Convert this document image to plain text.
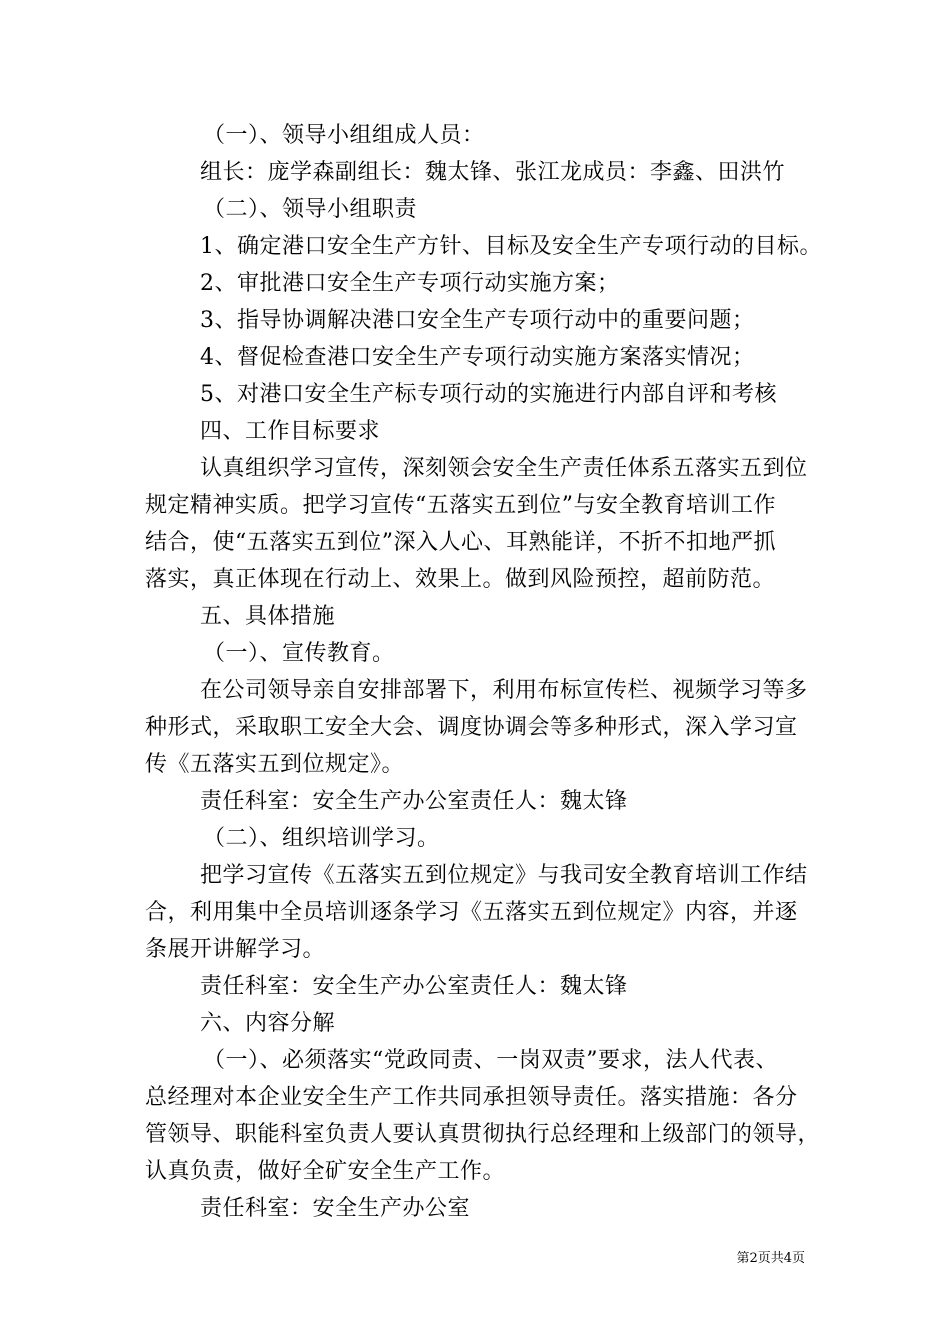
（一）、领导小组组成人员：
组长：庞学森副组长：魏太锋、张江龙成员：李鑫、田洪竹
（二）、领导小组职责
1、确定港口安全生产方针、目标及安全生产专项行动的目标。
2、审批港口安全生产专项行动实施方案；
3、指导协调解决港口安全生产专项行动中的重要问题；
4、督促检查港口安全生产专项行动实施方案落实情况；
5、对港口安全生产标专项行动的实施进行内部自评和考核
四、工作目标要求
认真组织学习宣传，深刻领会安全生产责任体系五落实五到位
规定精神实质。把学习宣传“五落实五到位”与安全教育培训工作
结合，使“五落实五到位”深入人心、耳熟能详，不折不扣地严抓
落实，真正体现在行动上、效果上。做到风险预控，超前防范。
五、具体措施
（一）、宣传教育。
在公司领导亲自安排部署下，利用布标宣传栏、视频学习等多
种形式，采取职工安全大会、调度协调会等多种形式，深入学习宣
传《五落实五到位规定》。
责任科室：安全生产办公室责任人：魏太锋
（二）、组织培训学习。
把学习宣传《五落实五到位规定》与我司安全教育培训工作结
合，利用集中全员培训逐条学习《五落实五到位规定》内容，并逐
条展开讲解学习。
责任科室：安全生产办公室责任人：魏太锋
六、内容分解
（一）、必须落实“党政同责、一岗双责”要求，法人代表、
总经理对本企业安全生产工作共同承担领导责任。落实措施：各分
管领导、职能科室负责人要认真贯彻执行总经理和上级部门的领导，
认真负责，做好全矿安全生产工作。
责任科室：安全生产办公室
第2页共4页
